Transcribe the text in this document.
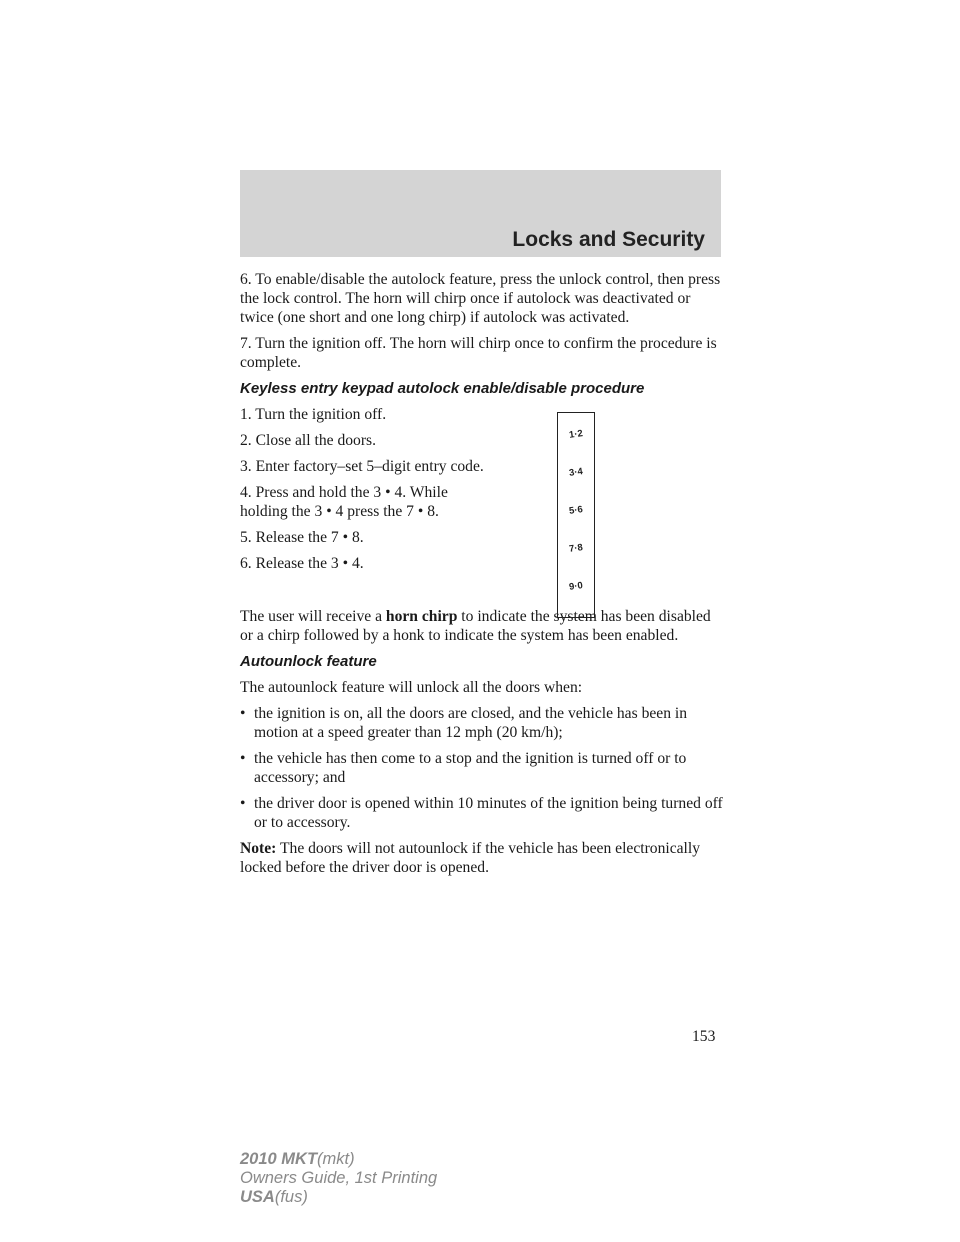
Locks and Security

6. To enable/disable the autolock feature, press the unlock control, then press the lock control. The horn will chirp once if autolock was deactivated or twice (one short and one long chirp) if autolock was activated.

7. Turn the ignition off. The horn will chirp once to confirm the procedure is complete.

Keyless entry keypad autolock enable/disable procedure

1. Turn the ignition off.

2. Close all the doors.

3. Enter factory–set 5–digit entry code.

4. Press and hold the 3 • 4. While holding the 3 • 4 press the 7 • 8.

5. Release the 7 • 8.

6. Release the 3 • 4.

1·2
3·4
5·6
7·8
9·0

The user will receive a horn chirp to indicate the system has been disabled or a chirp followed by a honk to indicate the system has been enabled.

Autounlock feature

The autounlock feature will unlock all the doors when:

• the ignition is on, all the doors are closed, and the vehicle has been in motion at a speed greater than 12 mph (20 km/h);
• the vehicle has then come to a stop and the ignition is turned off or to accessory; and
• the driver door is opened within 10 minutes of the ignition being turned off or to accessory.

Note: The doors will not autounlock if the vehicle has been electronically locked before the driver door is opened.

153
2010 MKT(mkt)
Owners Guide, 1st Printing
USA(fus)
